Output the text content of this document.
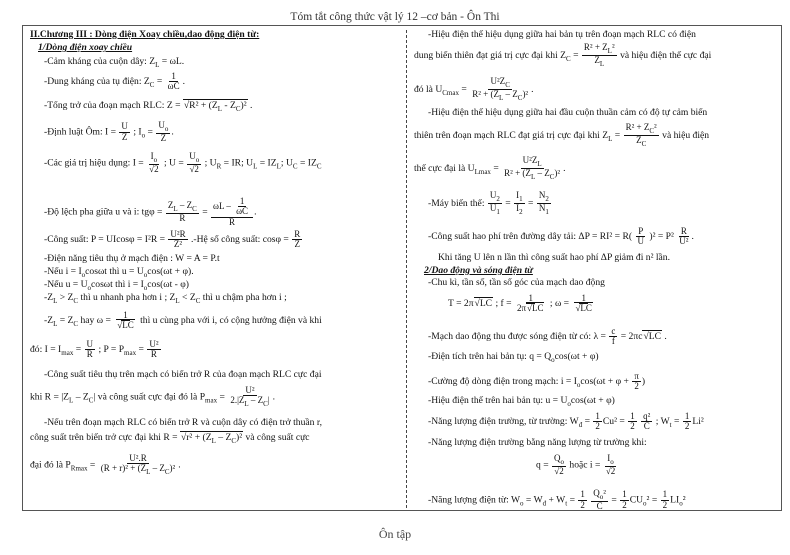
Tóm tắt công thức vật lý 12 –cơ bản - Ôn Thi
II.Chương III : Dòng điện Xoay chiều,dao động điện từ:
1/Dòng điện xoay chiều
-Cảm kháng của cuộn dây: $Z_L = \omega L$.
-Dung kháng của tụ điện: $Z_C = \frac{1}{\omega C}$ .
-Tổng trở của đoạn mạch RLC: Z = √ $R^2 + (Z_L - Z_C)^2$ .
-Định luật Ôm: $I = \frac{U}{Z}$ ; $I_o = \frac{U_o}{Z}$ .
-Các giá trị hiệu dụng: $I = \frac{I_o}{√2}$ ; $U = \frac{U_o}{√2}$ ; $U_R$ = IR; $U_L = IZ_L$; $U_C = IZ_C$
-Độ lệch pha giữa u và i: $tg\varphi = \frac{Z_L - Z_C}{R} = \frac{\omega L - \frac{1}{\omega C}}{R}$ .
-Công suất: $P = UIcos\varphi = I^2R = \frac{\text{U²R}}{\text{Z²}}$ .-Hệ số công suất: $\cos\varphi = \frac{R}{Z}$
-Điện năng tiêu thụ ở mạch điện : W = A = P.t
-Nếu $i = I_o\cos\omega t$ thì $u = U_o\cos(\omega t + \varphi)$.
-Nếu $u = U_o\cos\omega t$ thì $i = I_o\cos(\omega t - \varphi)$
$-Z_L > Z_C$ thì u nhanh pha hơn i ; $Z_L < Z_C$ thì u chậm pha hơn i ;
$-Z_L = Z_C$ hay ω = 1
√ LC thì u cùng pha với i, có cộng hưởng điện và khi
đó: $I = I_{max} = \frac{U}{R}$ ; $P = P_{max} = \frac{\text{U²}}{R}$
-Công suất tiêu thụ trên mạch có biến trở R của đoạn mạch RLC cực đại
khi $R = |Z_L - Z_C|$ và công suất cực đại đó là $P_{max} = \frac{\text{U²}}{2.|Z_L - Z_C|}$ .
-Nếu trên đoạn mạch RLC có biến trở R và cuộn dây có điện trở thuần r,
công suất trên biến trở cực đại khi R = √ $r^2 + (Z_L - Z_C)^2$ và công suất cực
đại đó là $P_{Rmax} = \frac{\text{U².R}}{(R + r)^2 + (Z_L - Z_C)^2}$ .
-Hiệu điện thế hiệu dụng giữa hai bản tụ trên đoạn mạch RLC có điện
dung biến thiên đạt giá trị cực đại khi $Z_C = \frac{R^2 + Z_L^2}{Z_L}$ và hiệu điện thế cực đại
đó là $U_{Cmax} = \frac{U^2Z_C}{R^2 + (Z_L - Z_C)^2}$ .
-Hiệu điện thế hiệu dụng giữa hai đầu cuộn thuần cảm có độ tự cảm biến
thiên trên đoạn mạch RLC đạt giá trị cực đại khi $Z_L = \frac{R^2 + Z_C^2}{Z_C}$ và hiệu điện
thế cực đại là $U_{Lmax} = \frac{U^2Z_L}{R^2 + (Z_L - Z_C)^2}$ .
-Máy biến thế: $\frac{U_2}{U_1} = \frac{I_1}{I_2} = \frac{N_2}{N_1}$
-Công suất hao phí trên đường dây tải: $\Delta P = RI^2 = R( \frac{P}{U} )^2 = P^2 \frac{R}{\text{U²}}$ .
Khi tăng U lên n lần thì công suất hao phí ΔP giảm đi n² lần.
2/Dao động và sóng điện từ
-Chu kì, tần số, tần số góc của mạch dao động
T = 2π√ LC ; $f = \frac{1}{2\pi√ LC}$ ; ω = 1
√ LC
-Mạch dao động thu được sóng điện từ có: $\lambda = \frac{c}{f} = 2\pi c√$ LC .
-Điện tích trên hai bản tụ: $q = Q_o\cos(\omega t + \varphi)$
-Cường độ dòng điện trong mạch: $i = I_o\cos(\omega t + \varphi + \frac{\pi}{2}$ )
-Hiệu điện thế trên hai bản tụ: $u = U_o\cos(\omega t + \varphi)$
-Năng lượng điện trường, từ trường: $W_đ = \frac{1}{2} Cu^2 = \frac{1}{2}$
$\frac{\text{q²}}{C}$ ; $W_t = \frac{1}{2} Li^2$
-Năng lượng điện trường bằng năng lượng từ trường khi:
$q = \frac{Q_o}{√2}$ hoặc $i = \frac{I_o}{√2}$
-Năng lượng điện từ: $W_o = W_đ + W_t = \frac{1}{2}$
$\frac{Q_o^2}{C} = \frac{1}{2} CU_o^2 = \frac{1}{2} LI_o^2$
Ôn tập
